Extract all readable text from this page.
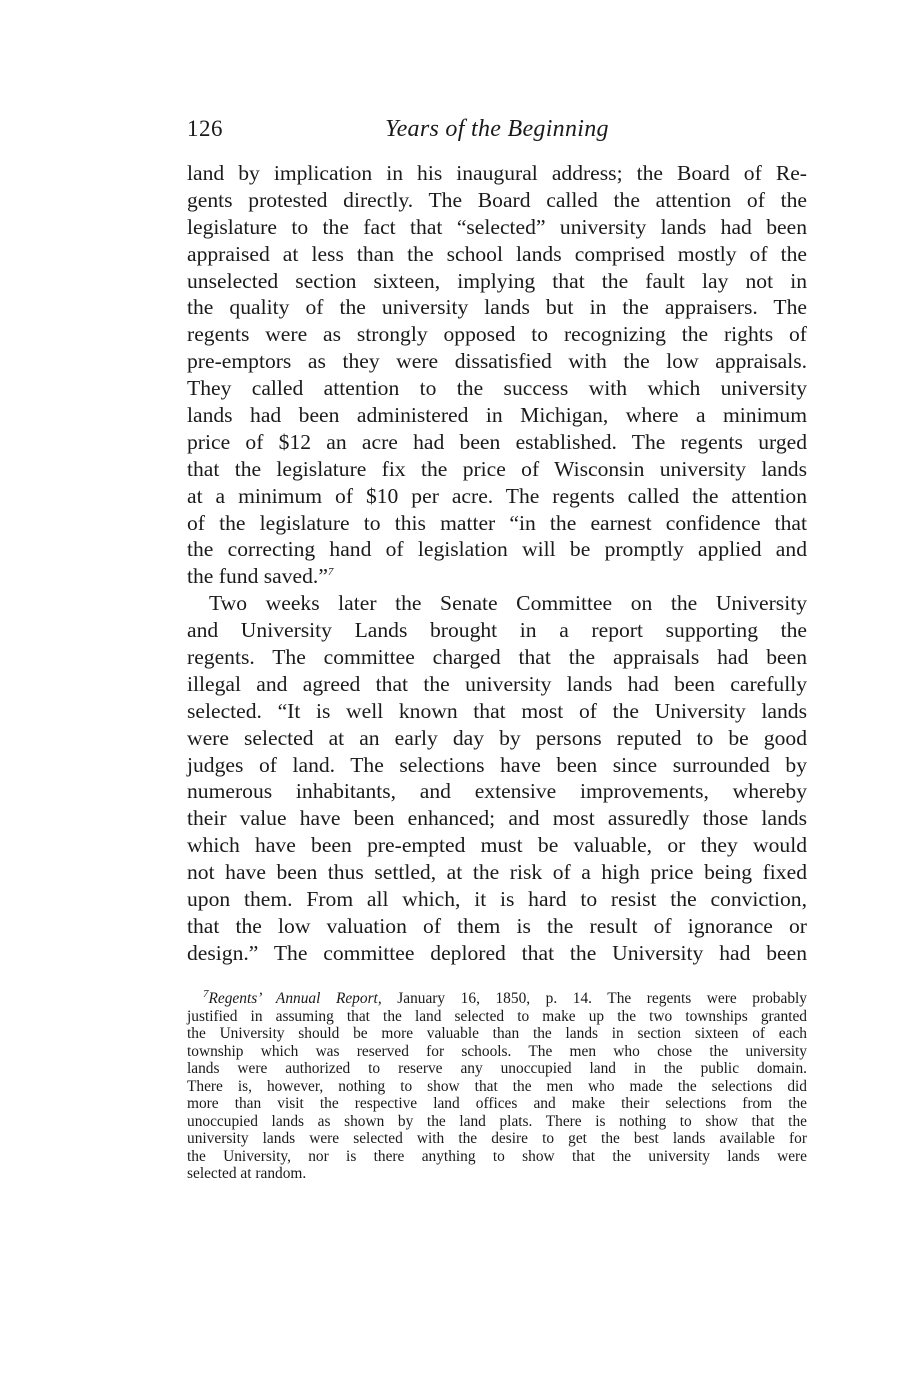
126	Years of the Beginning
land by implication in his inaugural address; the Board of Re-
gents protested directly. The Board called the attention of the
legislature to the fact that “selected” university lands had been
appraised at less than the school lands comprised mostly of the
unselected section sixteen, implying that the fault lay not in
the quality of the university lands but in the appraisers. The
regents were as strongly opposed to recognizing the rights of
pre-emptors as they were dissatisfied with the low appraisals.
They called attention to the success with which university
lands had been administered in Michigan, where a minimum
price of $12 an acre had been established. The regents urged
that the legislature fix the price of Wisconsin university lands
at a minimum of $10 per acre. The regents called the attention
of the legislature to this matter “in the earnest confidence that
the correcting hand of legislation will be promptly applied and
the fund saved.”$^7$
Two weeks later the Senate Committee on the University
and University Lands brought in a report supporting the
regents. The committee charged that the appraisals had been
illegal and agreed that the university lands had been carefully
selected. “It is well known that most of the University lands
were selected at an early day by persons reputed to be good
judges of land. The selections have been since surrounded by
numerous inhabitants, and extensive improvements, whereby
their value have been enhanced; and most assuredly those lands
which have been pre-empted must be valuable, or they would
not have been thus settled, at the risk of a high price being fixed
upon them. From all which, it is hard to resist the conviction,
that the low valuation of them is the result of ignorance or
design.” The committee deplored that the University had been
$^7$Regents’ Annual Report, January 16, 1850, p. 14. The regents were probably
justified in assuming that the land selected to make up the two townships granted
the University should be more valuable than the lands in section sixteen of each
township which was reserved for schools. The men who chose the university
lands were authorized to reserve any unoccupied land in the public domain.
There is, however, nothing to show that the men who made the selections did
more than visit the respective land offices and make their selections from the
unoccupied lands as shown by the land plats. There is nothing to show that the
university lands were selected with the desire to get the best lands available for
the University, nor is there anything to show that the university lands were
selected at random.
